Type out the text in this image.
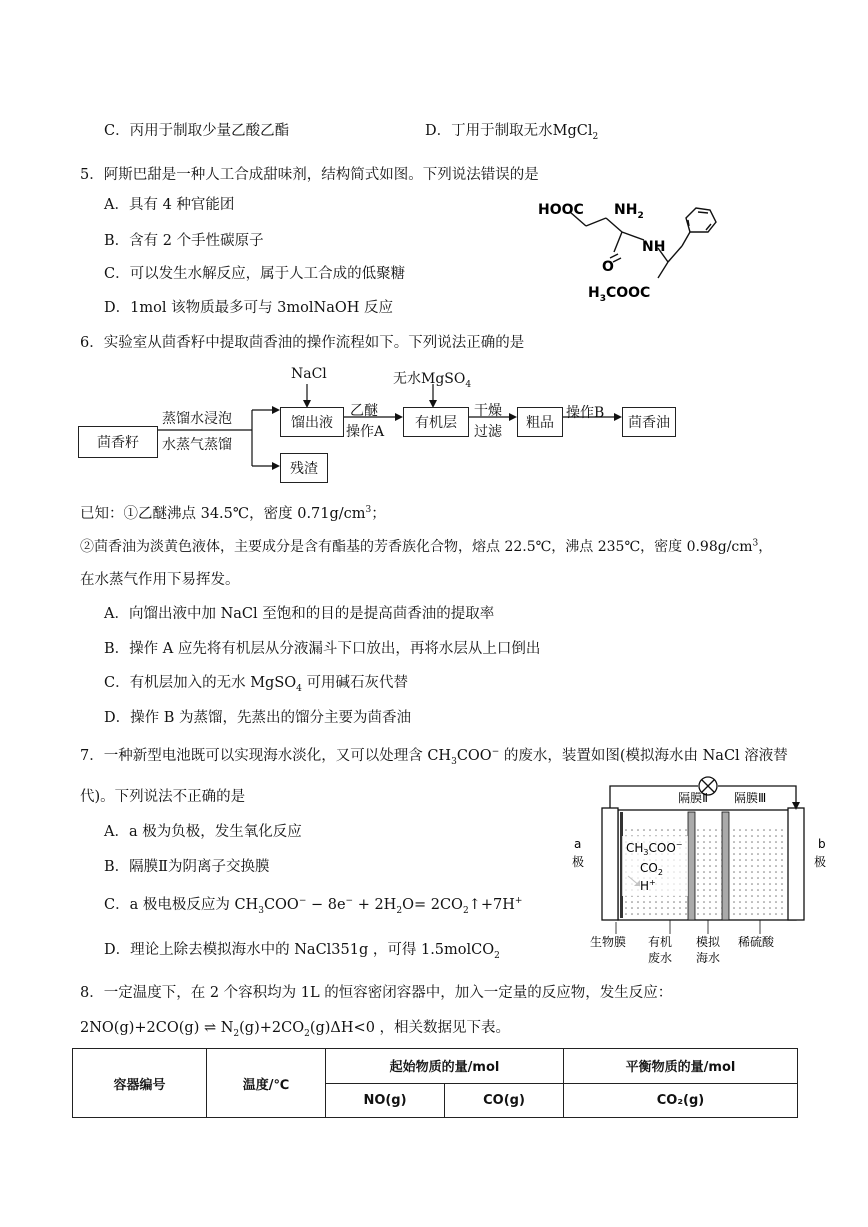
C．丙用于制取少量乙酸乙酯	D．丁用于制取无水MgCl$_2$
5．阿斯巴甜是一种人工合成甜味剂，结构简式如图。下列说法错误的是
A．具有 4 种官能团
B．含有 2 个手性碳原子
C．可以发生水解反应，属于人工合成的低聚糖
D．1mol 该物质最多可与 3molNaOH 反应
HOOC $NH_2$
NH
O
$H_3COOC$
6．实验室从茴香籽中提取茴香油的操作流程如下。下列说法正确的是
茴香籽
蒸馏水浸泡
水蒸气蒸馏
馏出液
残渣
NaCl
乙醚
操作A
有机层
无水MgSO$_4$
干燥
过滤
粗品
操作B
茴香油
已知：①乙醚沸点 34.5℃，密度 $0.71g/cm^3$；
②茴香油为淡黄色液体，主要成分是含有酯基的芳香族化合物，熔点 22.5℃，沸点 235℃，密度 $0.98g/cm^3$，
在水蒸气作用下易挥发。
A．向馏出液中加 NaCl 至饱和的目的是提高茴香油的提取率
B．操作 A 应先将有机层从分液漏斗下口放出，再将水层从上口倒出
C．有机层加入的无水 MgSO$_4$ 可用碱石灰代替
D．操作 B 为蒸馏，先蒸出的馏分主要为茴香油
7．一种新型电池既可以实现海水淡化，又可以处理含 $CH_3COO^-$ 的废水，装置如图(模拟海水由 NaCl 溶液替
代)。下列说法不正确的是
A．a 极为负极，发生氧化反应
B．隔膜Ⅱ为阴离子交换膜
C．a 极电极反应为 $CH_3COO^- - 8e^- + 2H_2O=$ $2CO_2↑+7H^+$
D．理论上除去模拟海水中的 NaCl351g ，可得 1.5molCO$_2$
隔膜Ⅱ 隔膜Ⅲ
a
极
b
极
$CH_3COO^-$
$CO_2$
H+
生物膜 有机
废水
模拟
海水
稀硫酸
8．一定温度下，在 2 个容积均为 1L 的恒容密闭容器中，加入一定量的反应物，发生反应：
2NO(g)+2CO(g) ⇌ $N_2(g)+2CO_2(g)\Delta H<0$ ，相关数据见下表。
容器编号	温度/℃	起始物质的量/mol		平衡物质的量/mol
		NO(g)	CO(g)	CO₂(g)
